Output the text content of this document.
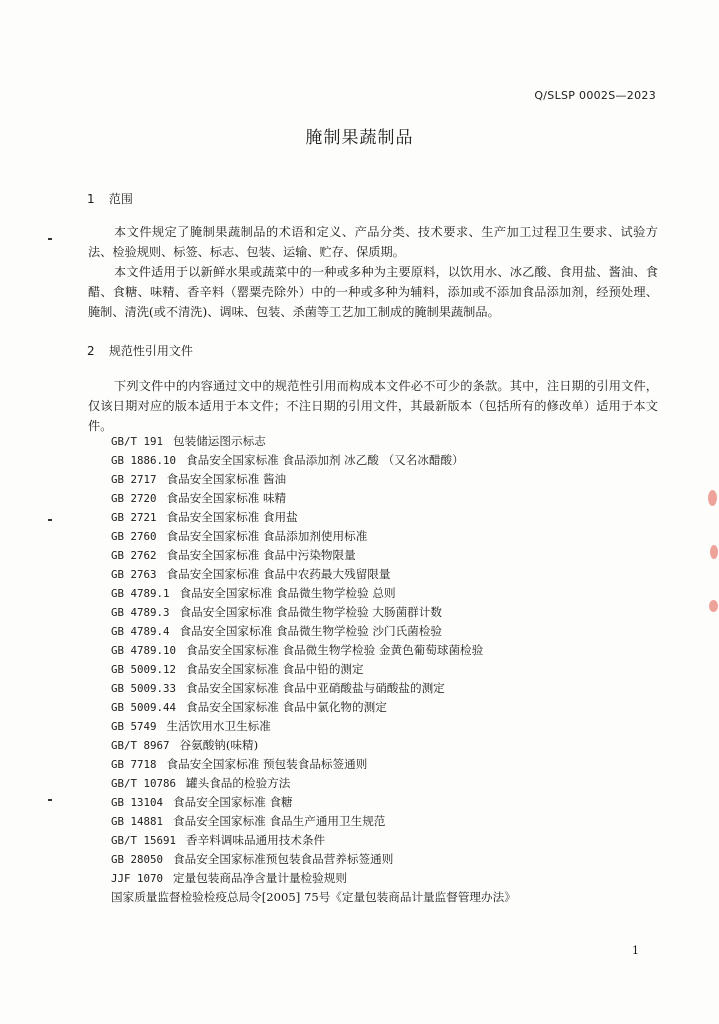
Q/SLSP 0002S—2023
腌制果蔬制品
1 范围
本文件规定了腌制果蔬制品的术语和定义、产品分类、技术要求、生产加工过程卫生要求、试验方法、检验规则、标签、标志、包装、运输、贮存、保质期。
本文件适用于以新鲜水果或蔬菜中的一种或多种为主要原料，以饮用水、冰乙酸、食用盐、酱油、食醋、食糖、味精、香辛料（罂粟壳除外）中的一种或多种为辅料，添加或不添加食品添加剂，经预处理、腌制、清洗(或不清洗)、调味、包装、杀菌等工艺加工制成的腌制果蔬制品。
2 规范性引用文件
下列文件中的内容通过文中的规范性引用而构成本文件必不可少的条款。其中，注日期的引用文件，仅该日期对应的版本适用于本文件；不注日期的引用文件，其最新版本（包括所有的修改单）适用于本文件。
GB/T 191 包装储运图示标志
GB 1886.10 食品安全国家标准 食品添加剂 冰乙酸 （又名冰醋酸）
GB 2717 食品安全国家标准 酱油
GB 2720 食品安全国家标准 味精
GB 2721 食品安全国家标准 食用盐
GB 2760 食品安全国家标准 食品添加剂使用标准
GB 2762 食品安全国家标准 食品中污染物限量
GB 2763 食品安全国家标准 食品中农药最大残留限量
GB 4789.1 食品安全国家标准 食品微生物学检验 总则
GB 4789.3 食品安全国家标准 食品微生物学检验 大肠菌群计数
GB 4789.4 食品安全国家标准 食品微生物学检验 沙门氏菌检验
GB 4789.10 食品安全国家标准 食品微生物学检验 金黄色葡萄球菌检验
GB 5009.12 食品安全国家标准 食品中铅的测定
GB 5009.33 食品安全国家标准 食品中亚硝酸盐与硝酸盐的测定
GB 5009.44 食品安全国家标准 食品中氯化物的测定
GB 5749 生活饮用水卫生标准
GB/T 8967 谷氨酸钠(味精)
GB 7718 食品安全国家标准 预包装食品标签通则
GB/T 10786 罐头食品的检验方法
GB 13104 食品安全国家标准 食糖
GB 14881 食品安全国家标准 食品生产通用卫生规范
GB/T 15691 香辛料调味品通用技术条件
GB 28050 食品安全国家标准预包装食品营养标签通则
JJF 1070 定量包装商品净含量计量检验规则
国家质量监督检验检疫总局令[2005] 75号《定量包装商品计量监督管理办法》
1
